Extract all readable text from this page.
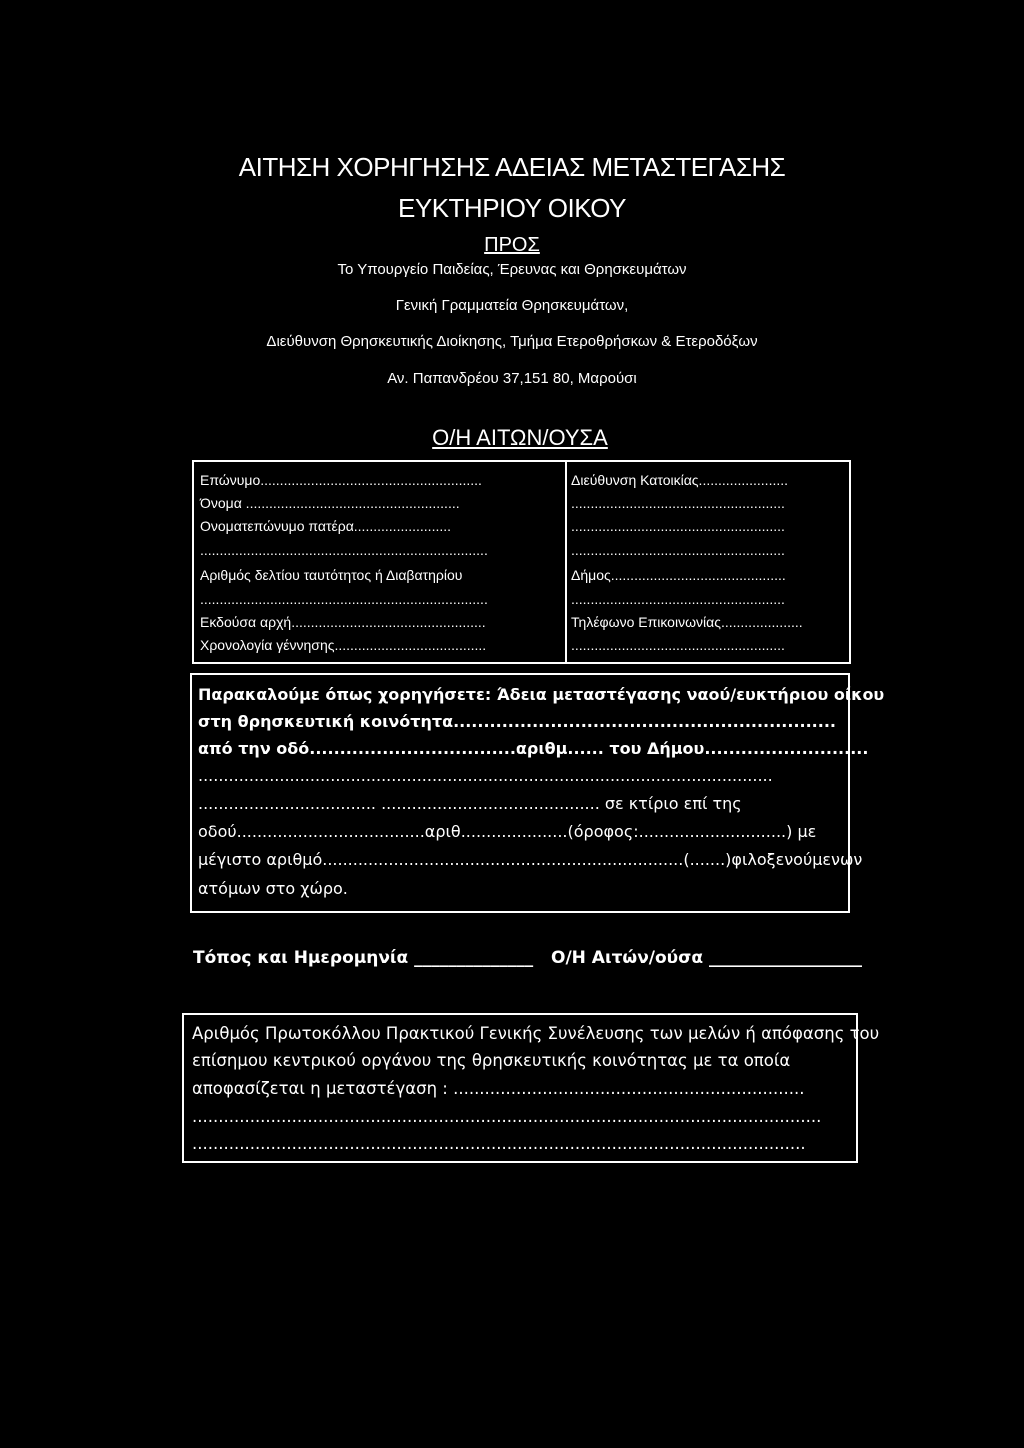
ΑΙΤΗΣΗ ΧΟΡΗΓΗΣΗΣ ΑΔΕΙΑΣ ΜΕΤΑΣΤΕΓΑΣΗΣ
ΕΥΚΤΗΡΙΟΥ ΟΙΚΟΥ
ΠΡΟΣ
Το Υπουργείο Παιδείας, Έρευνας και Θρησκευμάτων
Γενική Γραμματεία Θρησκευμάτων,
Διεύθυνση Θρησκευτικής Διοίκησης, Τμήμα Ετεροθρήσκων & Ετεροδόξων
Αν. Παπανδρέου 37,151 80, Μαρούσι
Ο/Η ΑΙΤΩΝ/ΟΥΣΑ
Επώνυμο.........................................................
Όνομα .......................................................
Ονοματεπώνυμο πατέρα.........................
..........................................................................
Αριθμός δελτίου ταυτότητος ή Διαβατηρίου
..........................................................................
Εκδούσα αρχή..................................................
Χρονολογία γέννησης.......................................
Διεύθυνση Κατοικίας.......................
.......................................................
.......................................................
.......................................................
Δήμος.............................................
.......................................................
Τηλέφωνο Επικοινωνίας.....................
.......................................................
Παρακαλούμε όπως χορηγήσετε: Άδεια μεταστέγασης ναού/ευκτήριου οίκου
στη θρησκευτική κοινότητα...............................................................
από την οδό..................................αριθμ...... του Δήμου...........................
.................................................................................................................
................................... ........................................... σε κτίριο επί της
οδού.....................................αριθ.....................(όροφος:.............................) με
μέγιστο αριθμό.......................................................................(.......)φιλοξενούμενων
ατόμων στο χώρο.
Τόπος και Ημερομηνία ______________ Ο/Η Αιτών/ούσα __________________
Αριθμός Πρωτοκόλλου Πρακτικού Γενικής Συνέλευσης των μελών ή απόφασης του
επίσημου κεντρικού οργάνου της θρησκευτικής κοινότητας με τα οποία
αποφασίζεται η μεταστέγαση : ...................................................................
........................................................................................................................
.....................................................................................................................
